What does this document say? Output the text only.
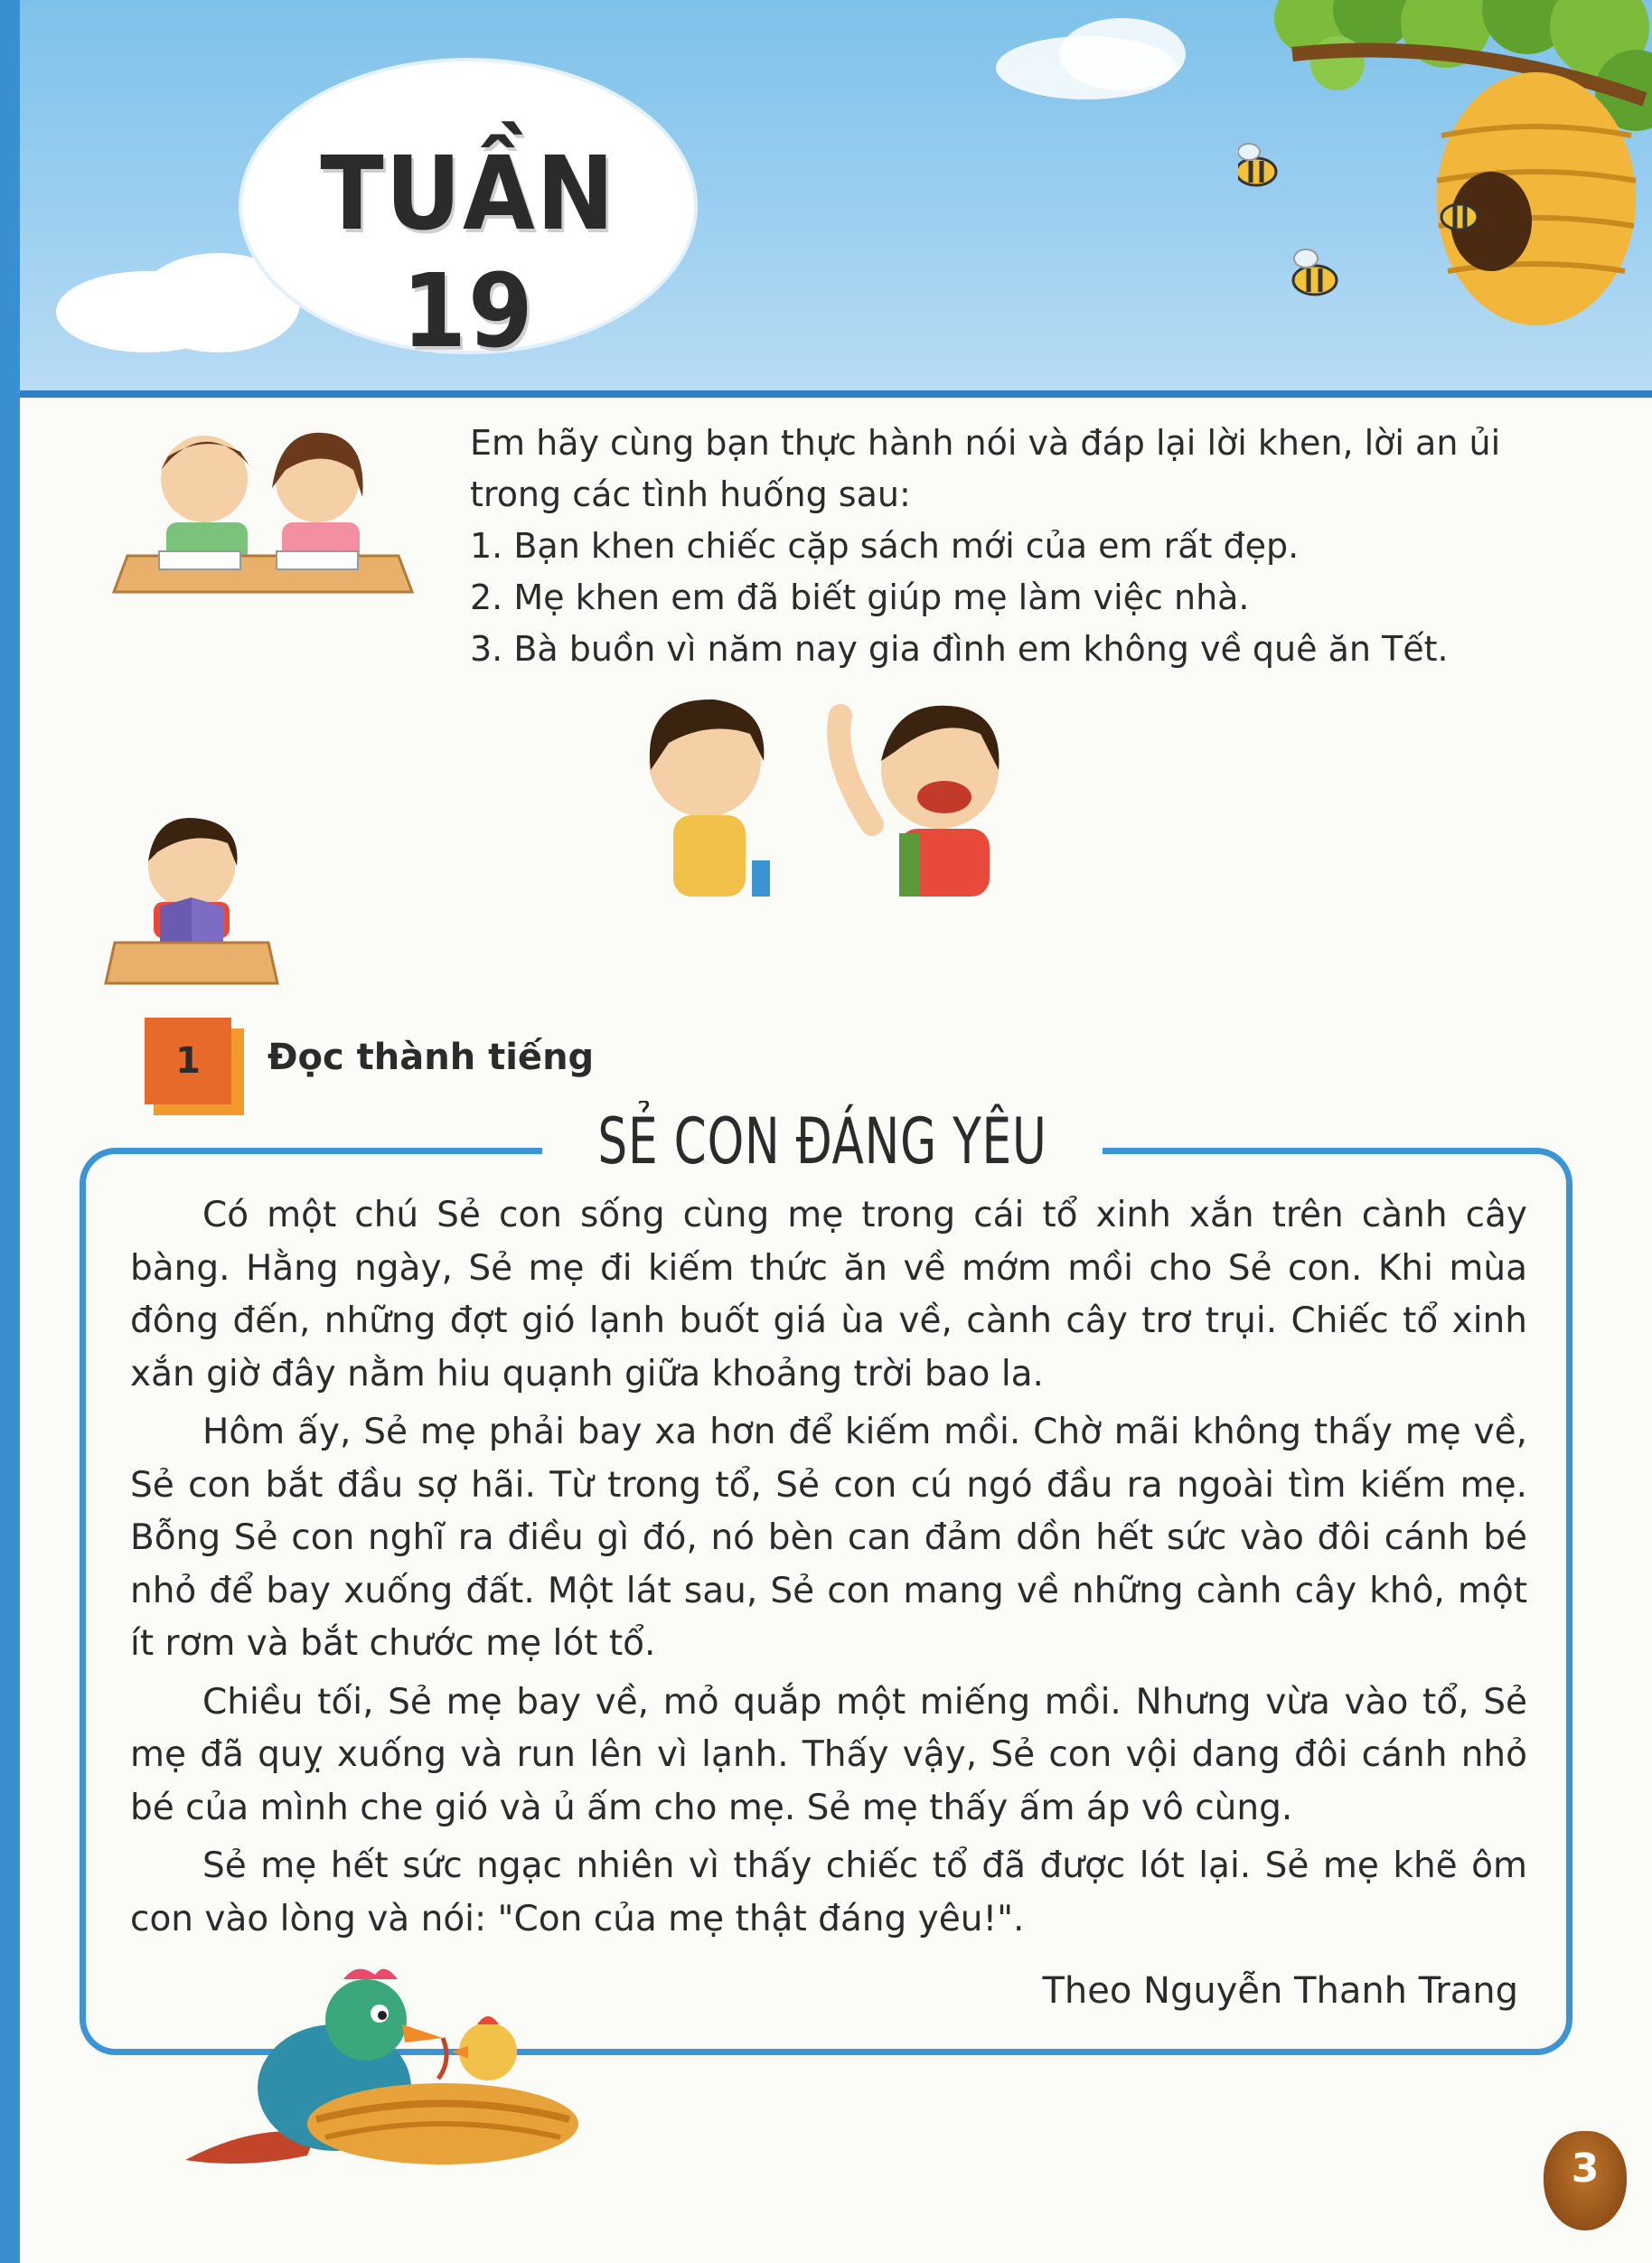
TUẦN 19

Em hãy cùng bạn thực hành nói và đáp lại lời khen, lời an ủi trong các tình huống sau:

1. Bạn khen chiếc cặp sách mới của em rất đẹp.

2. Mẹ khen em đã biết giúp mẹ làm việc nhà.

3. Bà buồn vì năm nay gia đình em không về quê ăn Tết.

1	Đọc thành tiếng
SẺ CON ĐÁNG YÊU

Có một chú Sẻ con sống cùng mẹ trong cái tổ xinh xắn trên cành cây bàng. Hằng ngày, Sẻ mẹ đi kiếm thức ăn về mớm mồi cho Sẻ con. Khi mùa đông đến, những đợt gió lạnh buốt giá ùa về, cành cây trơ trụi. Chiếc tổ xinh xắn giờ đây nằm hiu quạnh giữa khoảng trời bao la.

Hôm ấy, Sẻ mẹ phải bay xa hơn để kiếm mồi. Chờ mãi không thấy mẹ về, Sẻ con bắt đầu sợ hãi. Từ trong tổ, Sẻ con cú ngó đầu ra ngoài tìm kiếm mẹ. Bỗng Sẻ con nghĩ ra điều gì đó, nó bèn can đảm dồn hết sức vào đôi cánh bé nhỏ để bay xuống đất. Một lát sau, Sẻ con mang về những cành cây khô, một ít rơm và bắt chước mẹ lót tổ.

Chiều tối, Sẻ mẹ bay về, mỏ quắp một miếng mồi. Nhưng vừa vào tổ, Sẻ mẹ đã quỵ xuống và run lên vì lạnh. Thấy vậy, Sẻ con vội dang đôi cánh nhỏ bé của mình che gió và ủ ấm cho mẹ. Sẻ mẹ thấy ấm áp vô cùng.

Sẻ mẹ hết sức ngạc nhiên vì thấy chiếc tổ đã được lót lại. Sẻ mẹ khẽ ôm con vào lòng và nói: "Con của mẹ thật đáng yêu!".

Theo Nguyễn Thanh Trang
3
